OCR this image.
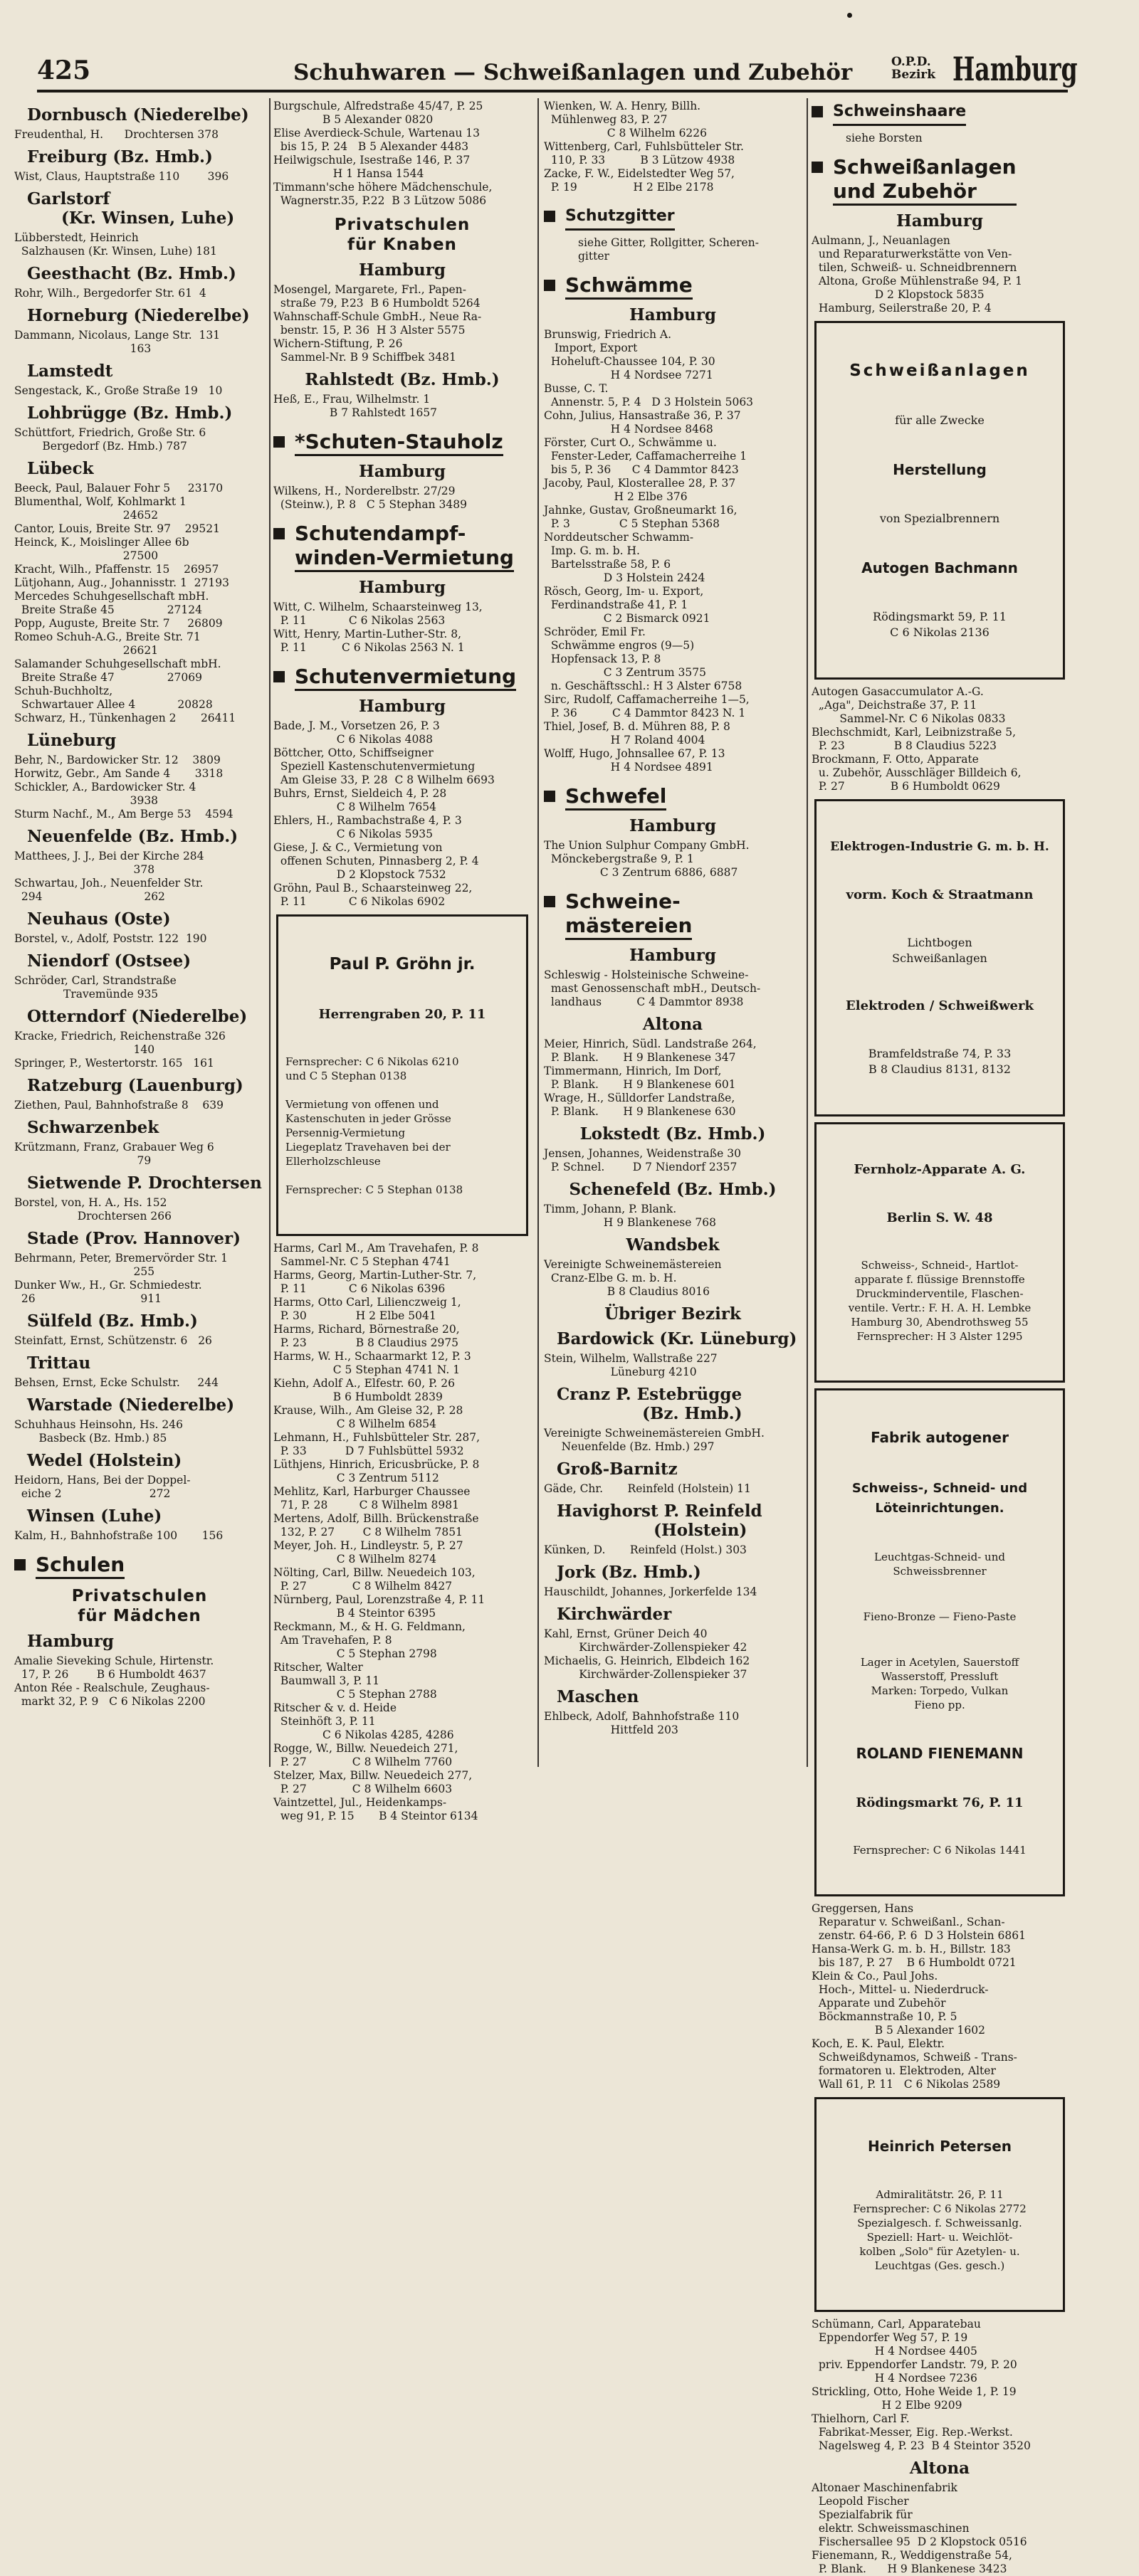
425	Schuhwaren — Schweißanlagen und Zubehör	O.P.D.
Bezirk Hamburg
Dornbusch (Niederelbe)
Freudenthal, H.      Drochtersen 378
Freiburg (Bz. Hmb.)
Wist, Claus, Hauptstraße 110        396
Garlstorf
(Kr. Winsen, Luhe)
Lübberstedt, Heinrich
Salzhausen (Kr. Winsen, Luhe) 181
Geesthacht (Bz. Hmb.)
Rohr, Wilh., Bergedorfer Str. 61  4
Horneburg (Niederelbe)
Dammann, Nicolaus, Lange Str.  131
163
Lamstedt
Sengestack, K., Große Straße 19   10
Lohbrügge (Bz. Hmb.)
Schüttfort, Friedrich, Große Str. 6
Bergedorf (Bz. Hmb.) 787
Lübeck
Beeck, Paul, Balauer Fohr 5     23170
Blumenthal, Wolf, Kohlmarkt 1
24652
Cantor, Louis, Breite Str. 97    29521
Heinck, K., Moislinger Allee 6b
27500
Kracht, Wilh., Pfaffenstr. 15    26957
Lütjohann, Aug., Johannisstr. 1  27193
Mercedes Schuhgesellschaft mbH.
Breite Straße 45               27124
Popp, Auguste, Breite Str. 7     26809
Romeo Schuh-A.G., Breite Str. 71
26621
Salamander Schuhgesellschaft mbH.
Breite Straße 47               27069
Schuh-Buchholtz,
Schwartauer Allee 4            20828
Schwarz, H., Tünkenhagen 2       26411
Lüneburg
Behr, N., Bardowicker Str. 12    3809
Horwitz, Gebr., Am Sande 4       3318
Schickler, A., Bardowicker Str. 4
3938
Sturm Nachf., M., Am Berge 53    4594
Neuenfelde (Bz. Hmb.)
Matthees, J. J., Bei der Kirche 284
378
Schwartau, Joh., Neuenfelder Str.
294                             262
Neuhaus (Oste)
Borstel, v., Adolf, Poststr. 122  190
Niendorf (Ostsee)
Schröder, Carl, Strandstraße
Travemünde 935
Otterndorf (Niederelbe)
Kracke, Friedrich, Reichenstraße 326
140
Springer, P., Westertorstr. 165   161
Ratzeburg (Lauenburg)
Ziethen, Paul, Bahnhofstraße 8    639
Schwarzenbek
Krützmann, Franz, Grabauer Weg 6
79
Sietwende P. Drochtersen
Borstel, von, H. A., Hs. 152
Drochtersen 266
Stade (Prov. Hannover)
Behrmann, Peter, Bremervörder Str. 1
255
Dunker Ww., H., Gr. Schmiedestr.
26                              911
Sülfeld (Bz. Hmb.)
Steinfatt, Ernst, Schützenstr. 6   26
Trittau
Behsen, Ernst, Ecke Schulstr.     244
Warstade (Niederelbe)
Schuhhaus Heinsohn, Hs. 246
Basbeck (Bz. Hmb.) 85
Wedel (Holstein)
Heidorn, Hans, Bei der Doppel-
eiche 2                         272
Winsen (Luhe)
Kalm, H., Bahnhofstraße 100       156
Schulen
Privatschulen
für Mädchen
Hamburg
Amalie Sieveking Schule, Hirtenstr.
17, P. 26        B 6 Humboldt 4637
Anton Rée - Realschule, Zeughaus-
markt 32, P. 9   C 6 Nikolas 2200
Burgschule, Alfredstraße 45/47, P. 25
B 5 Alexander 0820
Elise Averdieck-Schule, Wartenau 13
bis 15, P. 24   B 5 Alexander 4483
Heilwigschule, Isestraße 146, P. 37
H 1 Hansa 1544
Timmann'sche höhere Mädchenschule,
Wagnerstr.35, P.22  B 3 Lützow 5086
Privatschulen
für Knaben
Hamburg
Mosengel, Margarete, Frl., Papen-
straße 79, P.23  B 6 Humboldt 5264
Wahnschaff-Schule GmbH., Neue Ra-
benstr. 15, P. 36  H 3 Alster 5575
Wichern-Stiftung, P. 26
Sammel-Nr. B 9 Schiffbek 3481
Rahlstedt (Bz. Hmb.)
Heß, E., Frau, Wilhelmstr. 1
B 7 Rahlstedt 1657
*Schuten-Stauholz
Hamburg
Wilkens, H., Norderelbstr. 27/29
(Steinw.), P. 8   C 5 Stephan 3489
Schutendampf-
winden-Vermietung
Hamburg
Witt, C. Wilhelm, Schaarsteinweg 13,
P. 11            C 6 Nikolas 2563
Witt, Henry, Martin-Luther-Str. 8,
P. 11          C 6 Nikolas 2563 N. 1
Schutenvermietung
Hamburg
Bade, J. M., Vorsetzen 26, P. 3
C 6 Nikolas 4088
Böttcher, Otto, Schiffseigner
Speziell Kastenschutenvermietung
Am Gleise 33, P. 28  C 8 Wilhelm 6693
Buhrs, Ernst, Sieldeich 4, P. 28
C 8 Wilhelm 7654
Ehlers, H., Rambachstraße 4, P. 3
C 6 Nikolas 5935
Giese, J. & C., Vermietung von
offenen Schuten, Pinnasberg 2, P. 4
D 2 Klopstock 7532
Gröhn, Paul B., Schaarsteinweg 22,
P. 11            C 6 Nikolas 6902

Paul P. Gröhn jr.

Herrengraben 20, P. 11

Fernsprecher: C 6 Nikolas 6210
und C 5 Stephan 0138

Vermietung von offenen und
Kastenschuten in jeder Grösse
Persennig-Vermietung
Liegeplatz Travehaven bei der
Ellerholzschleuse

Fernsprecher: C 5 Stephan 0138

Harms, Carl M., Am Travehafen, P. 8
Sammel-Nr. C 5 Stephan 4741
Harms, Georg, Martin-Luther-Str. 7,
P. 11            C 6 Nikolas 6396
Harms, Otto Carl, Lilienczweig 1,
P. 30              H 2 Elbe 5041
Harms, Richard, Börnestraße 20,
P. 23              B 8 Claudius 2975
Harms, W. H., Schaarmarkt 12, P. 3
C 5 Stephan 4741 N. 1
Kiehn, Adolf A., Elfestr. 60, P. 26
B 6 Humboldt 2839
Krause, Wilh., Am Gleise 32, P. 28
C 8 Wilhelm 6854
Lehmann, H., Fuhlsbütteler Str. 287,
P. 33           D 7 Fuhlsbüttel 5932
Lüthjens, Hinrich, Ericusbrücke, P. 8
C 3 Zentrum 5112
Mehlitz, Karl, Harburger Chaussee
71, P. 28         C 8 Wilhelm 8981
Mertens, Adolf, Billh. Brückenstraße
132, P. 27        C 8 Wilhelm 7851
Meyer, Joh. H., Lindleystr. 5, P. 27
C 8 Wilhelm 8274
Nölting, Carl, Billw. Neuedeich 103,
P. 27             C 8 Wilhelm 8427
Nürnberg, Paul, Lorenzstraße 4, P. 11
B 4 Steintor 6395
Reckmann, M., & H. G. Feldmann,
Am Travehafen, P. 8
C 5 Stephan 2798
Ritscher, Walter
Baumwall 3, P. 11
C 5 Stephan 2788
Ritscher & v. d. Heide
Steinhöft 3, P. 11
C 6 Nikolas 4285, 4286
Rogge, W., Billw. Neuedeich 271,
P. 27             C 8 Wilhelm 7760
Stelzer, Max, Billw. Neuedeich 277,
P. 27             C 8 Wilhelm 6603
Vaintzettel, Jul., Heidenkamps-
weg 91, P. 15       B 4 Steintor 6134
Wienken, W. A. Henry, Billh.
Mühlenweg 83, P. 27
C 8 Wilhelm 6226
Wittenberg, Carl, Fuhlsbütteler Str.
110, P. 33          B 3 Lützow 4938
Zacke, F. W., Eidelstedter Weg 57,
P. 19                H 2 Elbe 2178
Schutzgitter

siehe Gitter, Rollgitter, Scheren-
gitter

Schwämme
Hamburg
Brunswig, Friedrich A.
Import, Export
Hoheluft-Chaussee 104, P. 30
H 4 Nordsee 7271
Busse, C. T.
Annenstr. 5, P. 4   D 3 Holstein 5063
Cohn, Julius, Hansastraße 36, P. 37
H 4 Nordsee 8468
Förster, Curt O., Schwämme u.
Fenster-Leder, Caffamacherreihe 1
bis 5, P. 36      C 4 Dammtor 8423
Jacoby, Paul, Klosterallee 28, P. 37
H 2 Elbe 376
Jahnke, Gustav, Großneumarkt 16,
P. 3              C 5 Stephan 5368
Norddeutscher Schwamm-
Imp. G. m. b. H.
Bartelsstraße 58, P. 6
D 3 Holstein 2424
Rösch, Georg, Im- u. Export,
Ferdinandstraße 41, P. 1
C 2 Bismarck 0921
Schröder, Emil Fr.
Schwämme engros (9—5)
Hopfensack 13, P. 8
C 3 Zentrum 3575
n. Geschäftsschl.: H 3 Alster 6758
Sirc, Rudolf, Caffamacherreihe 1—5,
P. 36          C 4 Dammtor 8423 N. 1
Thiel, Josef, B. d. Mühren 88, P. 8
H 7 Roland 4004
Wolff, Hugo, Johnsallee 67, P. 13
H 4 Nordsee 4891
Schwefel
Hamburg
The Union Sulphur Company GmbH.
Mönckebergstraße 9, P. 1
C 3 Zentrum 6886, 6887
Schweine-
mästereien
Hamburg
Schleswig - Holsteinische Schweine-
mast Genossenschaft mbH., Deutsch-
landhaus          C 4 Dammtor 8938
Altona
Meier, Hinrich, Südl. Landstraße 264,
P. Blank.       H 9 Blankenese 347
Timmermann, Hinrich, Im Dorf,
P. Blank.       H 9 Blankenese 601
Wrage, H., Sülldorfer Landstraße,
P. Blank.       H 9 Blankenese 630
Lokstedt (Bz. Hmb.)
Jensen, Johannes, Weidenstraße 30
P. Schnel.        D 7 Niendorf 2357
Schenefeld (Bz. Hmb.)
Timm, Johann, P. Blank.
H 9 Blankenese 768
Wandsbek
Vereinigte Schweinemästereien
Cranz-Elbe G. m. b. H.
B 8 Claudius 8016
Übriger Bezirk
Bardowick (Kr. Lüneburg)
Stein, Wilhelm, Wallstraße 227
Lüneburg 4210
Cranz P. Estebrügge
(Bz. Hmb.)
Vereinigte Schweinemästereien GmbH.
Neuenfelde (Bz. Hmb.) 297
Groß-Barnitz
Gäde, Chr.       Reinfeld (Holstein) 11
Havighorst P. Reinfeld
(Holstein)
Künken, D.       Reinfeld (Holst.) 303
Jork (Bz. Hmb.)
Hauschildt, Johannes, Jorkerfelde 134
Kirchwärder
Kahl, Ernst, Grüner Deich 40
Kirchwärder-Zollenspieker 42
Michaelis, G. Heinrich, Elbdeich 162
Kirchwärder-Zollenspieker 37
Maschen
Ehlbeck, Adolf, Bahnhofstraße 110
Hittfeld 203
Schweinshaare

siehe Borsten

Schweißanlagen
und Zubehör
Hamburg
Aulmann, J., Neuanlagen
und Reparaturwerkstätte von Ven-
tilen, Schweiß- u. Schneidbrennern
Altona, Große Mühlenstraße 94, P. 1
D 2 Klopstock 5835
Hamburg, Seilerstraße 20, P. 4

Schweißanlagen

für alle Zwecke

Herstellung

von Spezialbrennern

Autogen Bachmann

Rödingsmarkt 59, P. 11
C 6 Nikolas 2136

Autogen Gasaccumulator A.-G.
„Aga", Deichstraße 37, P. 11
Sammel-Nr. C 6 Nikolas 0833
Blechschmidt, Karl, Leibnizstraße 5,
P. 23              B 8 Claudius 5223
Brockmann, F. Otto, Apparate
u. Zubehör, Ausschläger Billdeich 6,
P. 27             B 6 Humboldt 0629

Elektrogen-Industrie G. m. b. H.

vorm. Koch & Straatmann

Lichtbogen
Schweißanlagen

Elektroden / Schweißwerk

Bramfeldstraße 74, P. 33
B 8 Claudius 8131, 8132

Fernholz-Apparate A. G.

Berlin S. W. 48

Schweiss-, Schneid-, Hartlot-
apparate f. flüssige Brennstoffe
Druckminderventile, Flaschen-
ventile. Vertr.: F. H. A. H. Lembke
Hamburg 30, Abendrothsweg 55
Fernsprecher: H 3 Alster 1295

Fabrik autogener

Schweiss-, Schneid- und
Löteinrichtungen.

Leuchtgas-Schneid- und
Schweissbrenner

Fieno-Bronze — Fieno-Paste

Lager in Acetylen, Sauerstoff
Wasserstoff, Pressluft
Marken: Torpedo, Vulkan
Fieno pp.

ROLAND FIENEMANN

Rödingsmarkt 76, P. 11

Fernsprecher: C 6 Nikolas 1441

Greggersen, Hans
Reparatur v. Schweißanl., Schan-
zenstr. 64-66, P. 6  D 3 Holstein 6861
Hansa-Werk G. m. b. H., Billstr. 183
bis 187, P. 27    B 6 Humboldt 0721
Klein & Co., Paul Johs.
Hoch-, Mittel- u. Niederdruck-
Apparate und Zubehör
Böckmannstraße 10, P. 5
B 5 Alexander 1602
Koch, E. K. Paul, Elektr.
Schweißdynamos, Schweiß - Trans-
formatoren u. Elektroden, Alter
Wall 61, P. 11   C 6 Nikolas 2589

Heinrich Petersen

Admiralitätstr. 26, P. 11
Fernsprecher: C 6 Nikolas 2772
Spezialgesch. f. Schweissanlg.
Speziell: Hart- u. Weichlöt-
kolben „Solo" für Azetylen- u.
Leuchtgas (Ges. gesch.)

Schümann, Carl, Apparatebau
Eppendorfer Weg 57, P. 19
H 4 Nordsee 4405
priv. Eppendorfer Landstr. 79, P. 20
H 4 Nordsee 7236
Strickling, Otto, Hohe Weide 1, P. 19
H 2 Elbe 9209
Thielhorn, Carl F.
Fabrikat-Messer, Eig. Rep.-Werkst.
Nagelsweg 4, P. 23  B 4 Steintor 3520
Altona
Altonaer Maschinenfabrik
Leopold Fischer
Spezialfabrik für
elektr. Schweissmaschinen
Fischersallee 95  D 2 Klopstock 0516
Fienemann, R., Weddigenstraße 54,
P. Blank.      H 9 Blankenese 3423
